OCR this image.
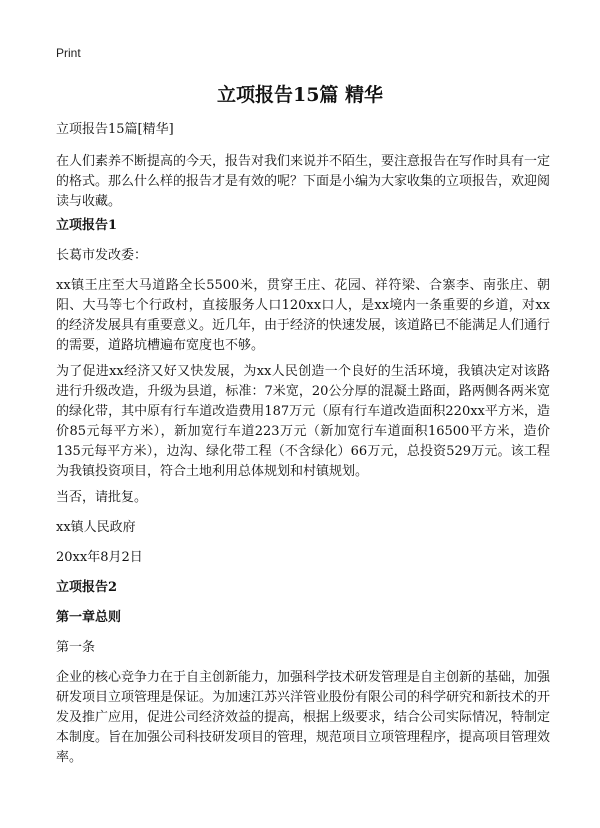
Print
立项报告15篇 精华
立项报告15篇[精华]
在人们素养不断提高的今天，报告对我们来说并不陌生，要注意报告在写作时具有一定的格式。那么什么样的报告才是有效的呢？下面是小编为大家收集的立项报告，欢迎阅读与收藏。
立项报告1
长葛市发改委：
xx镇王庄至大马道路全长5500米，贯穿王庄、花园、祥符梁、合寨李、南张庄、朝阳、大马等七个行政村，直接服务人口120xx口人，是xx境内一条重要的乡道，对xx的经济发展具有重要意义。近几年，由于经济的快速发展，该道路已不能满足人们通行的需要，道路坑槽遍布宽度也不够。
为了促进xx经济又好又快发展，为xx人民创造一个良好的生活环境，我镇决定对该路进行升级改造，升级为县道，标准：7米宽，20公分厚的混凝土路面，路两侧各两米宽的绿化带，其中原有行车道改造费用187万元（原有行车道改造面积220xx平方米，造价85元每平方米），新加宽行车道223万元（新加宽行车道面积16500平方米，造价135元每平方米），边沟、绿化带工程（不含绿化）66万元，总投资529万元。该工程为我镇投资项目，符合土地利用总体规划和村镇规划。
当否，请批复。
xx镇人民政府
20xx年8月2日
立项报告2
第一章总则
第一条
企业的核心竞争力在于自主创新能力，加强科学技术研发管理是自主创新的基础，加强研发项目立项管理是保证。为加速江苏兴洋管业股份有限公司的科学研究和新技术的开发及推广应用，促进公司经济效益的提高，根据上级要求，结合公司实际情况，特制定本制度。旨在加强公司科技研发项目的管理，规范项目立项管理程序，提高项目管理效率。
